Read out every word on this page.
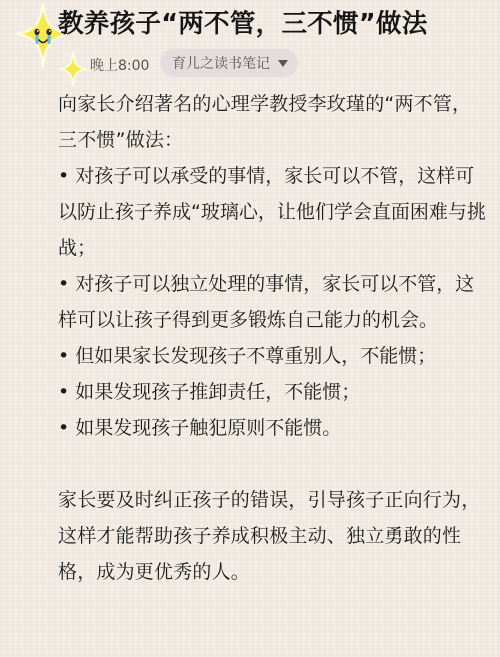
教养孩子“两不管，三不惯”做法
晚上8:00 育儿之读书笔记

向家长介绍著名的心理学教授李玫瑾的“两不管，三不惯”做法：

• 对孩子可以承受的事情，家长可以不管，这样可以防止孩子养成“玻璃心，让他们学会直面困难与挑战；

• 对孩子可以独立处理的事情，家长可以不管，这样可以让孩子得到更多锻炼自己能力的机会。

• 但如果家长发现孩子不尊重别人，不能惯；

• 如果发现孩子推卸责任，不能惯；

• 如果发现孩子触犯原则不能惯。

家长要及时纠正孩子的错误，引导孩子正向行为，这样才能帮助孩子养成积极主动、独立勇敢的性格，成为更优秀的人。
